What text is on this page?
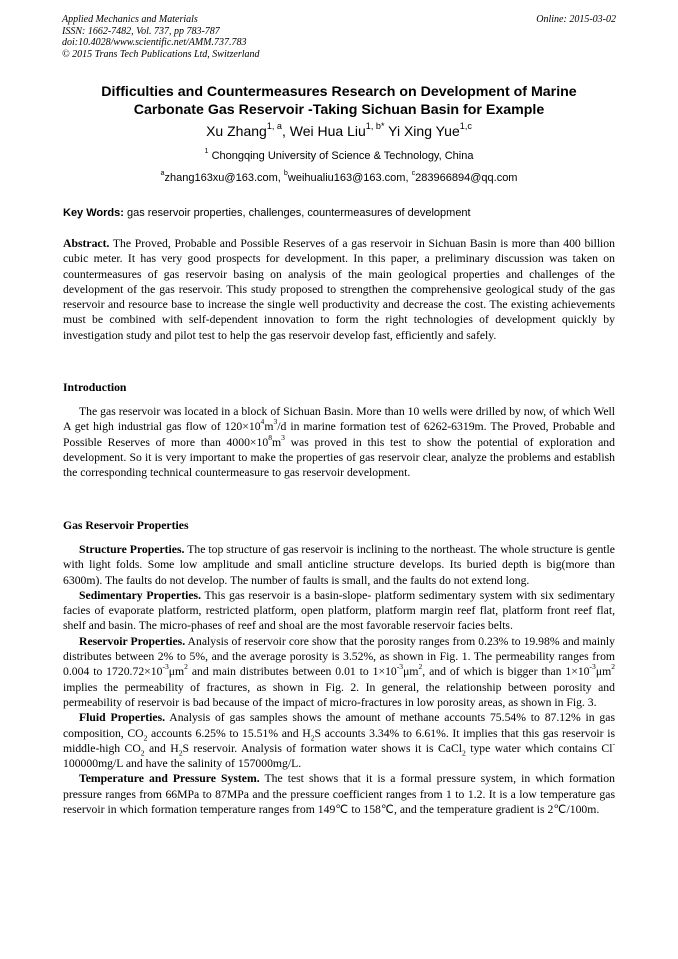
Applied Mechanics and Materials
ISSN: 1662-7482, Vol. 737, pp 783-787
doi:10.4028/www.scientific.net/AMM.737.783
© 2015 Trans Tech Publications Ltd, Switzerland
Online: 2015-03-02
Difficulties and Countermeasures Research on Development of Marine
Carbonate Gas Reservoir -Taking Sichuan Basin for Example
Xu Zhang$^{1, a}$, Wei Hua Liu$^{1, b*}$ Yi Xing Yue$^{1,c}$
$^1$ Chongqing University of Science & Technology, China
$^a$zhang163xu@163.com, $^b$weihualiu163@163.com, $^c$283966894@qq.com
Key Words: gas reservoir properties, challenges, countermeasures of development
Abstract. The Proved, Probable and Possible Reserves of a gas reservoir in Sichuan Basin is more than 400 billion cubic meter. It has very good prospects for development. In this paper, a preliminary discussion was taken on countermeasures of gas reservoir basing on analysis of the main geological properties and challenges of the development of the gas reservoir. This study proposed to strengthen the comprehensive geological study of the gas reservoir and resource base to increase the single well productivity and decrease the cost. The existing achievements must be combined with self-dependent innovation to form the right technologies of development quickly by investigation study and pilot test to help the gas reservoir develop fast, efficiently and safely.
Introduction

The gas reservoir was located in a block of Sichuan Basin. More than 10 wells were drilled by now, of which Well A get high industrial gas flow of $120\times 10^4m^3/d$ in marine formation test of 6262-6319m. The Proved, Probable and Possible Reserves of more than $4000\times 10^8m^3$ was proved in this test to show the potential of exploration and development. So it is very important to make the properties of gas reservoir clear, analyze the problems and establish the corresponding technical countermeasure to gas reservoir development.

Gas Reservoir Properties

Structure Properties. The top structure of gas reservoir is inclining to the northeast. The whole structure is gentle with light folds. Some low amplitude and small anticline structure develops. Its buried depth is big(more than 6300m). The faults do not develop. The number of faults is small, and the faults do not extend long.

Sedimentary Properties. This gas reservoir is a basin-slope- platform sedimentary system with six sedimentary facies of evaporate platform, restricted platform, open platform, platform margin reef flat, platform front reef flat, shelf and basin. The micro-phases of reef and shoal are the most favorable reservoir facies belts.

Reservoir Properties. Analysis of reservoir core show that the porosity ranges from 0.23% to 19.98% and mainly distributes between 2% to 5%, and the average porosity is 3.52%, as shown in Fig. 1. The permeability ranges from 0.004 to $1720.72\times 10^{-3}\mu m^2$ and main distributes between 0.01 to $1\times 10^{-3}\mu m^2$, and of which is bigger than $1\times 10^{-3}\mu m^2$ implies the permeability of fractures, as shown in Fig. 2. In general, the relationship between porosity and permeability of reservoir is bad because of the impact of micro-fractures in low porosity areas, as shown in Fig. 3.

Fluid Properties. Analysis of gas samples shows the amount of methane accounts 75.54% to 87.12% in gas composition, $CO_2$ accounts 6.25% to 15.51% and $H_2S$ accounts 3.34% to 6.61%. It implies that this gas reservoir is middle-high $CO_2$ and $H_2S$ reservoir. Analysis of formation water shows it is CaCl$_2$ type water which contains Cl- 100000mg/L and have the salinity of 157000mg/L.

Temperature and Pressure System. The test shows that it is a formal pressure system, in which formation pressure ranges from 66MPa to 87MPa and the pressure coefficient ranges from 1 to 1.2. It is a low temperature gas reservoir in which formation temperature ranges from 149℃ to 158℃, and the temperature gradient is 2℃/100m.
